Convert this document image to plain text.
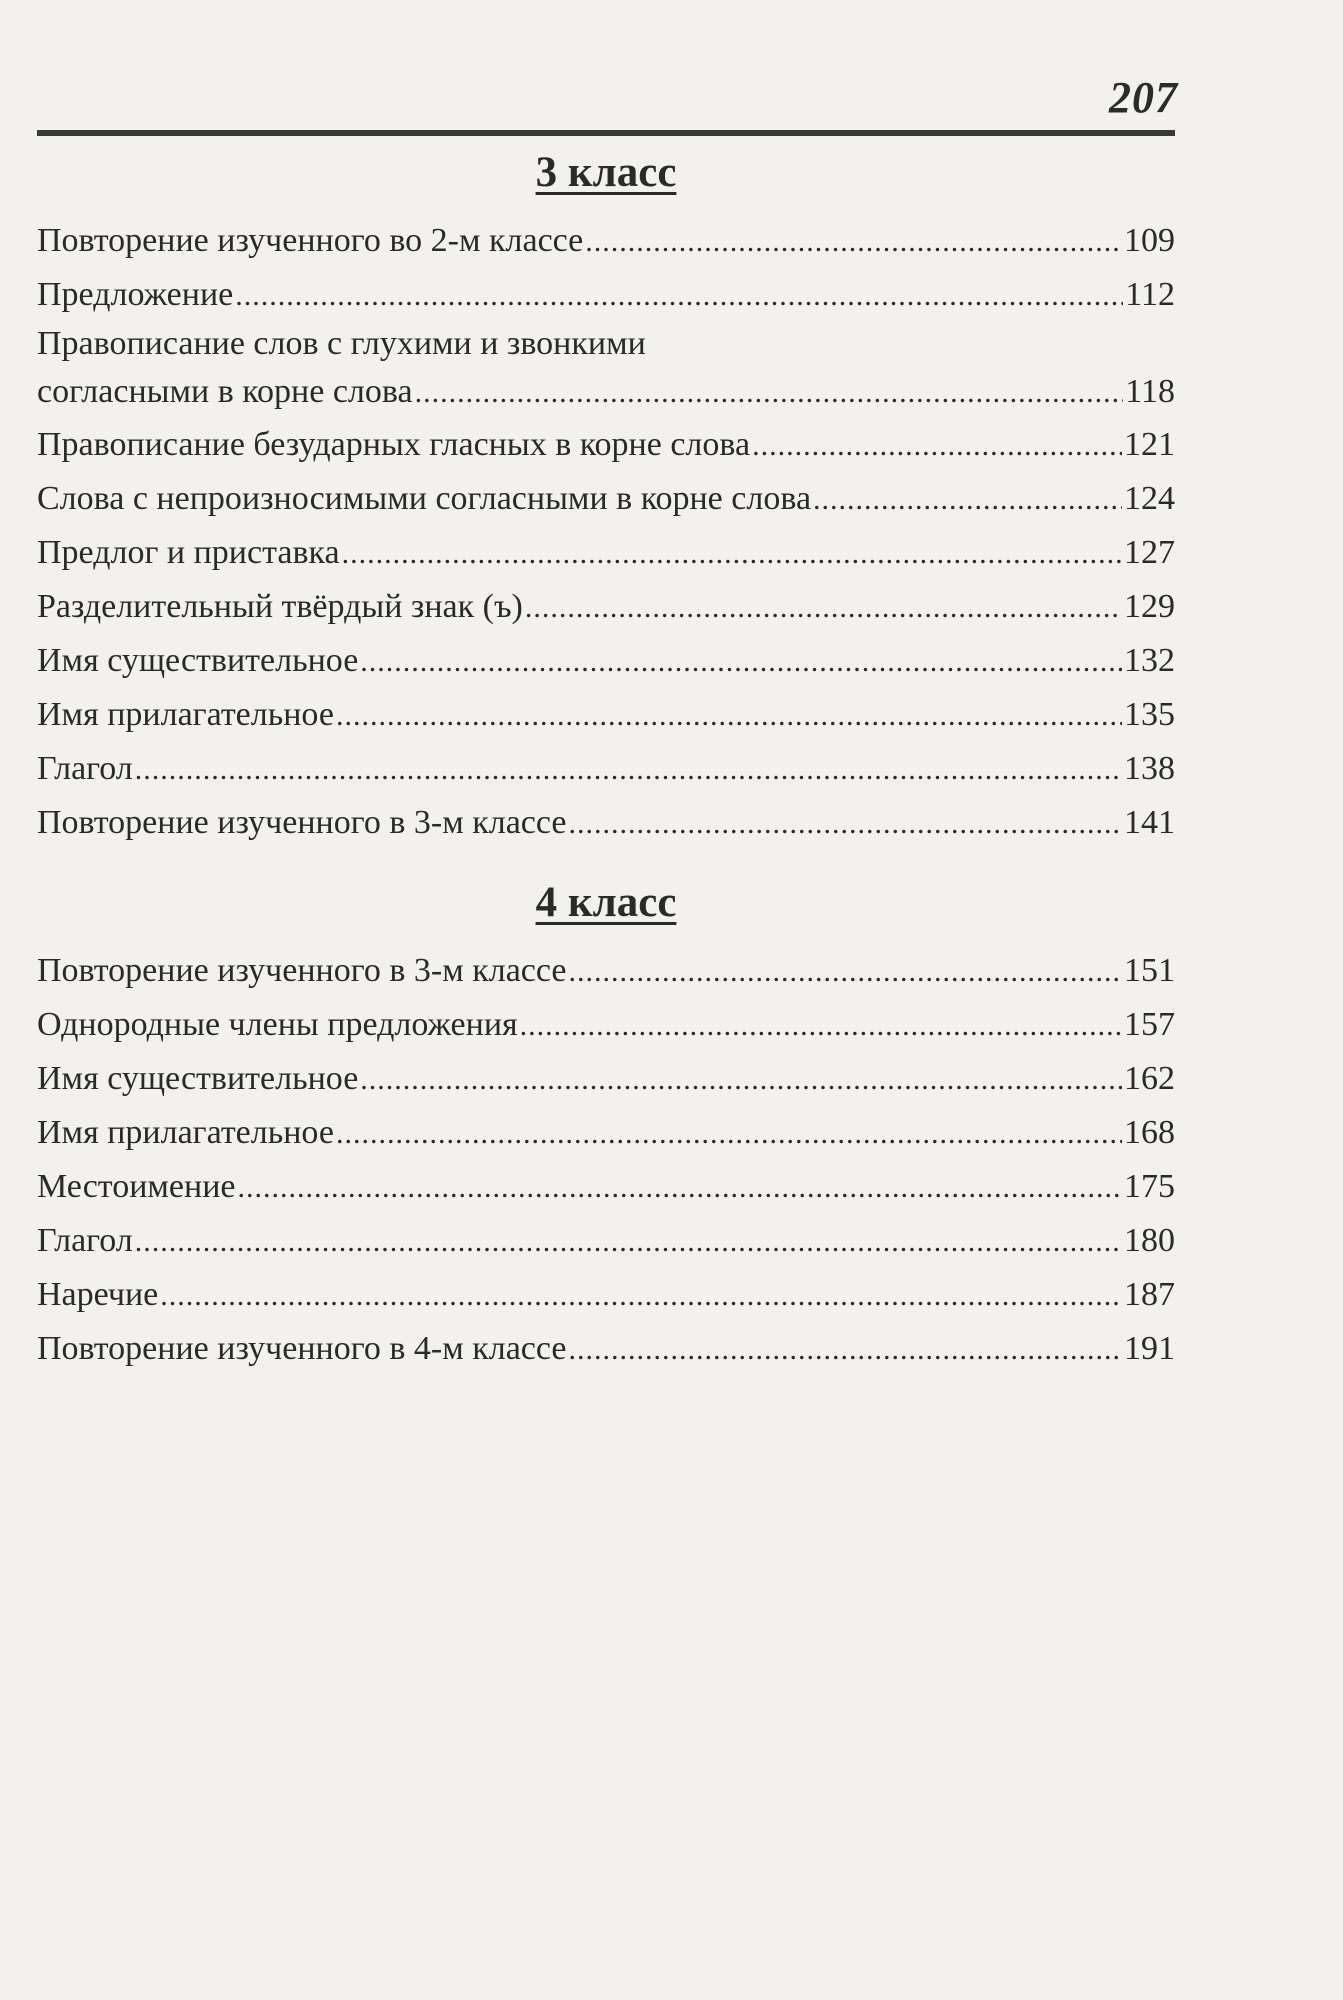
207
3 класс
Повторение изученного во 2-м классе .....	109
Предложение .....	112
Правописание слов с глухими и звонкими
согласными в корне слова .....	118
Правописание безударных гласных в корне слова .....	121
Слова с непроизносимыми согласными в корне слова .....	124
Предлог и приставка .....	127
Разделительный твёрдый знак (ъ) .....	129
Имя существительное .....	132
Имя прилагательное .....	135
Глагол .....	138
Повторение изученного в 3-м классе .....	141
4 класс
Повторение изученного в 3-м классе .....	151
Однородные члены предложения .....	157
Имя существительное .....	162
Имя прилагательное .....	168
Местоимение .....	175
Глагол .....	180
Наречие .....	187
Повторение изученного в 4-м классе .....	191
